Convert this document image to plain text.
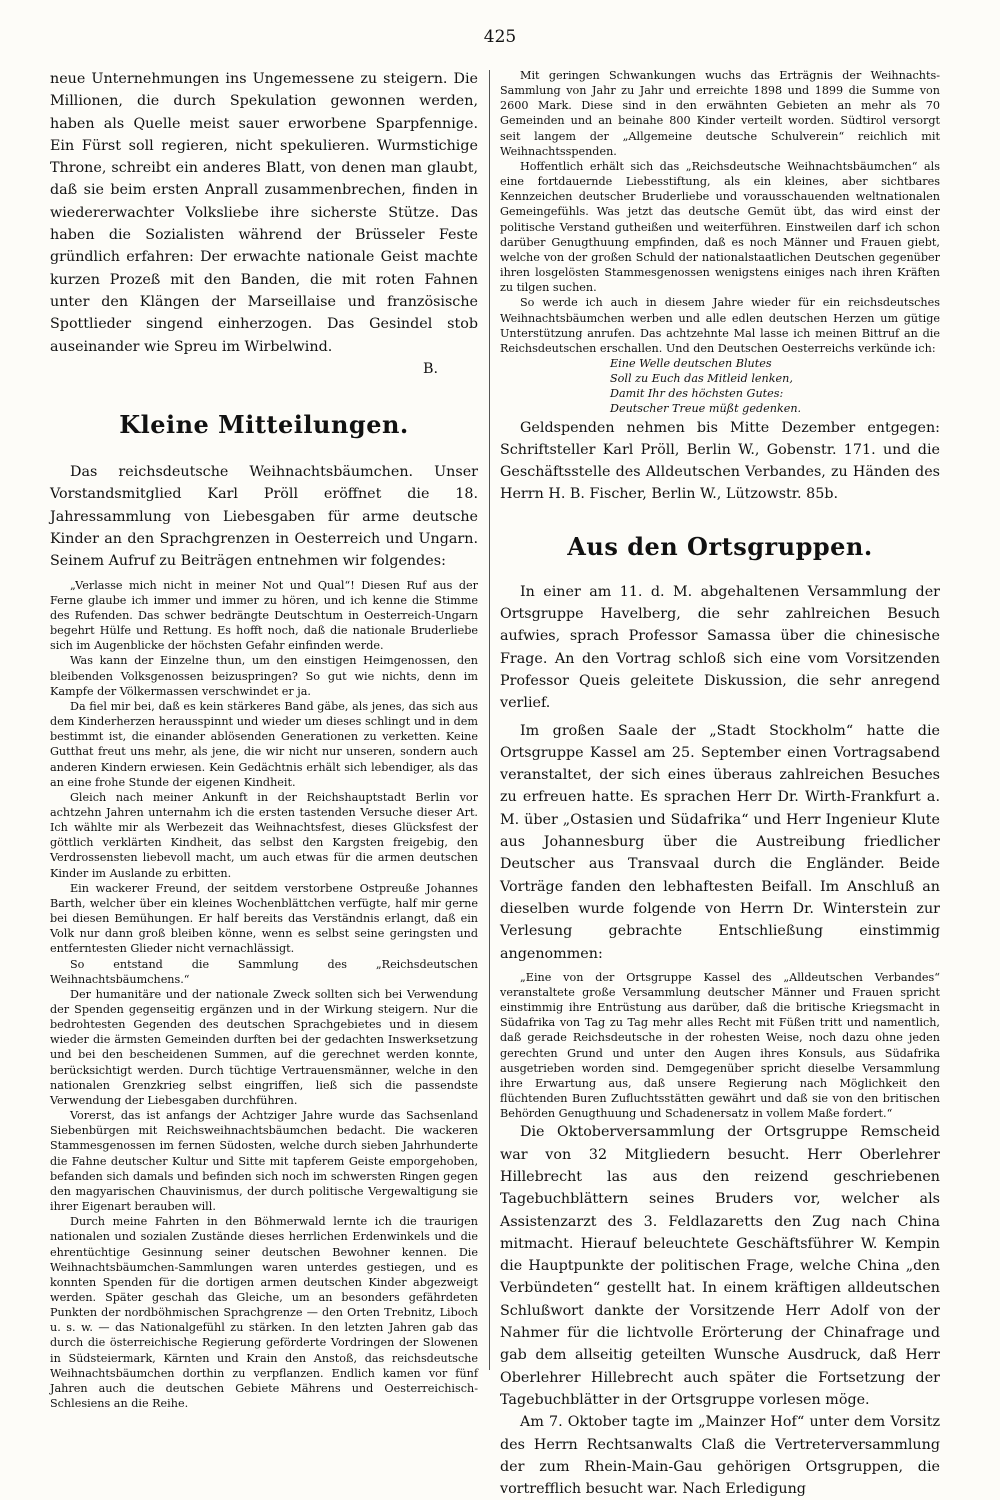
425

neue Unternehmungen ins Ungemessene zu steigern. Die Millionen, die durch Spekulation gewonnen werden, haben als Quelle meist sauer erworbene Sparpfennige. Ein Fürst soll regieren, nicht spekulieren. Wurmstichige Throne, schreibt ein anderes Blatt, von denen man glaubt, daß sie beim ersten Anprall zusammenbrechen, finden in wiedererwachter Volksliebe ihre sicherste Stütze. Das haben die Sozialisten während der Brüsseler Feste gründlich erfahren: Der erwachte nationale Geist machte kurzen Prozeß mit den Banden, die mit roten Fahnen unter den Klängen der Marseillaise und französische Spottlieder singend einherzogen. Das Gesindel stob auseinander wie Spreu im Wirbelwind.

B.

Kleine Mitteilungen.

Das reichsdeutsche Weihnachtsbäumchen. Unser Vorstandsmitglied Karl Pröll eröffnet die 18. Jahressammlung von Liebesgaben für arme deutsche Kinder an den Sprachgrenzen in Oesterreich und Ungarn. Seinem Aufruf zu Beiträgen entnehmen wir folgendes:

„Verlasse mich nicht in meiner Not und Qual“! Diesen Ruf aus der Ferne glaube ich immer und immer zu hören, und ich kenne die Stimme des Rufenden. Das schwer bedrängte Deutschtum in Oesterreich-Ungarn begehrt Hülfe und Rettung. Es hofft noch, daß die nationale Bruderliebe sich im Augenblicke der höchsten Gefahr einfinden werde.

Was kann der Einzelne thun, um den einstigen Heimgenossen, den bleibenden Volksgenossen beizuspringen? So gut wie nichts, denn im Kampfe der Völkermassen verschwindet er ja.

Da fiel mir bei, daß es kein stärkeres Band gäbe, als jenes, das sich aus dem Kinderherzen herausspinnt und wieder um dieses schlingt und in dem bestimmt ist, die einander ablösenden Generationen zu verketten. Keine Gutthat freut uns mehr, als jene, die wir nicht nur unseren, sondern auch anderen Kindern erwiesen. Kein Gedächtnis erhält sich lebendiger, als das an eine frohe Stunde der eigenen Kindheit.

Gleich nach meiner Ankunft in der Reichshauptstadt Berlin vor achtzehn Jahren unternahm ich die ersten tastenden Versuche dieser Art. Ich wählte mir als Werbezeit das Weihnachtsfest, dieses Glücksfest der göttlich verklärten Kindheit, das selbst den Kargsten freigebig, den Verdrossensten liebevoll macht, um auch etwas für die armen deutschen Kinder im Auslande zu erbitten.

Ein wackerer Freund, der seitdem verstorbene Ostpreuße Johannes Barth, welcher über ein kleines Wochenblättchen verfügte, half mir gerne bei diesen Bemühungen. Er half bereits das Verständnis erlangt, daß ein Volk nur dann groß bleiben könne, wenn es selbst seine geringsten und entferntesten Glieder nicht vernachlässigt.

So entstand die Sammlung des „Reichsdeutschen Weihnachtsbäumchens.“

Der humanitäre und der nationale Zweck sollten sich bei Verwendung der Spenden gegenseitig ergänzen und in der Wirkung steigern. Nur die bedrohtesten Gegenden des deutschen Sprachgebietes und in diesem wieder die ärmsten Gemeinden durften bei der gedachten Inswerksetzung und bei den bescheidenen Summen, auf die gerechnet werden konnte, berücksichtigt werden. Durch tüchtige Vertrauensmänner, welche in den nationalen Grenzkrieg selbst eingriffen, ließ sich die passendste Verwendung der Liebesgaben durchführen.

Vorerst, das ist anfangs der Achtziger Jahre wurde das Sachsenland Siebenbürgen mit Reichsweihnachtsbäumchen bedacht. Die wackeren Stammesgenossen im fernen Südosten, welche durch sieben Jahrhunderte die Fahne deutscher Kultur und Sitte mit tapferem Geiste emporgehoben, befanden sich damals und befinden sich noch im schwersten Ringen gegen den magyarischen Chauvinismus, der durch politische Vergewaltigung sie ihrer Eigenart berauben will.

Durch meine Fahrten in den Böhmerwald lernte ich die traurigen nationalen und sozialen Zustände dieses herrlichen Erdenwinkels und die ehrentüchtige Gesinnung seiner deutschen Bewohner kennen. Die Weihnachtsbäumchen-Sammlungen waren unterdes gestiegen, und es konnten Spenden für die dortigen armen deutschen Kinder abgezweigt werden. Später geschah das Gleiche, um an besonders gefährdeten Punkten der nordböhmischen Sprachgrenze — den Orten Trebnitz, Liboch u. s. w. — das Nationalgefühl zu stärken. In den letzten Jahren gab das durch die österreichische Regierung geförderte Vordringen der Slowenen in Südsteiermark, Kärnten und Krain den Anstoß, das reichsdeutsche Weihnachtsbäumchen dorthin zu verpflanzen. Endlich kamen vor fünf Jahren auch die deutschen Gebiete Mährens und Oesterreichisch-Schlesiens an die Reihe.

Mit geringen Schwankungen wuchs das Erträgnis der Weihnachts-Sammlung von Jahr zu Jahr und erreichte 1898 und 1899 die Summe von 2600 Mark. Diese sind in den erwähnten Gebieten an mehr als 70 Gemeinden und an beinahe 800 Kinder verteilt worden. Südtirol versorgt seit langem der „Allgemeine deutsche Schulverein“ reichlich mit Weihnachtsspenden.

Hoffentlich erhält sich das „Reichsdeutsche Weihnachtsbäumchen“ als eine fortdauernde Liebesstiftung, als ein kleines, aber sichtbares Kennzeichen deutscher Bruderliebe und vorausschauenden weltnationalen Gemeingefühls. Was jetzt das deutsche Gemüt übt, das wird einst der politische Verstand gutheißen und weiterführen. Einstweilen darf ich schon darüber Genugthuung empfinden, daß es noch Männer und Frauen giebt, welche von der großen Schuld der nationalstaatlichen Deutschen gegenüber ihren losgelösten Stammesgenossen wenigstens einiges nach ihren Kräften zu tilgen suchen.

So werde ich auch in diesem Jahre wieder für ein reichsdeutsches Weihnachtsbäumchen werben und alle edlen deutschen Herzen um gütige Unterstützung anrufen. Das achtzehnte Mal lasse ich meinen Bittruf an die Reichsdeutschen erschallen. Und den Deutschen Oesterreichs verkünde ich:

Eine Welle deutschen Blutes
Soll zu Euch das Mitleid lenken,
Damit Ihr des höchsten Gutes:
Deutscher Treue müßt gedenken.

Geldspenden nehmen bis Mitte Dezember entgegen: Schriftsteller Karl Pröll, Berlin W., Gobenstr. 171. und die Geschäftsstelle des Alldeutschen Verbandes, zu Händen des Herrn H. B. Fischer, Berlin W., Lützowstr. 85b.

Aus den Ortsgruppen.

In einer am 11. d. M. abgehaltenen Versammlung der Ortsgruppe Havelberg, die sehr zahlreichen Besuch aufwies, sprach Professor Samassa über die chinesische Frage. An den Vortrag schloß sich eine vom Vorsitzenden Professor Queis geleitete Diskussion, die sehr anregend verlief.

Im großen Saale der „Stadt Stockholm“ hatte die Ortsgruppe Kassel am 25. September einen Vortragsabend veranstaltet, der sich eines überaus zahlreichen Besuches zu erfreuen hatte. Es sprachen Herr Dr. Wirth-Frankfurt a. M. über „Ostasien und Südafrika“ und Herr Ingenieur Klute aus Johannesburg über die Austreibung friedlicher Deutscher aus Transvaal durch die Engländer. Beide Vorträge fanden den lebhaftesten Beifall. Im Anschluß an dieselben wurde folgende von Herrn Dr. Winterstein zur Verlesung gebrachte Entschließung einstimmig angenommen:

„Eine von der Ortsgruppe Kassel des „Alldeutschen Verbandes“ veranstaltete große Versammlung deutscher Männer und Frauen spricht einstimmig ihre Entrüstung aus darüber, daß die britische Kriegsmacht in Südafrika von Tag zu Tag mehr alles Recht mit Füßen tritt und namentlich, daß gerade Reichsdeutsche in der rohesten Weise, noch dazu ohne jeden gerechten Grund und unter den Augen ihres Konsuls, aus Südafrika ausgetrieben worden sind. Demgegenüber spricht dieselbe Versammlung ihre Erwartung aus, daß unsere Regierung nach Möglichkeit den flüchtenden Buren Zufluchtsstätten gewährt und daß sie von den britischen Behörden Genugthuung und Schadenersatz in vollem Maße fordert.“

Die Oktoberversammlung der Ortsgruppe Remscheid war von 32 Mitgliedern besucht. Herr Oberlehrer Hillebrecht las aus den reizend geschriebenen Tagebuchblättern seines Bruders vor, welcher als Assistenzarzt des 3. Feldlazaretts den Zug nach China mitmacht. Hierauf beleuchtete Geschäftsführer W. Kempin die Hauptpunkte der politischen Frage, welche China „den Verbündeten“ gestellt hat. In einem kräftigen alldeutschen Schlußwort dankte der Vorsitzende Herr Adolf von der Nahmer für die lichtvolle Erörterung der Chinafrage und gab dem allseitig geteilten Wunsche Ausdruck, daß Herr Oberlehrer Hillebrecht auch später die Fortsetzung der Tagebuchblätter in der Ortsgruppe vorlesen möge.

Am 7. Oktober tagte im „Mainzer Hof“ unter dem Vorsitz des Herrn Rechtsanwalts Claß die Vertreterversammlung der zum Rhein-Main-Gau gehörigen Ortsgruppen, die vortrefflich besucht war. Nach Erledigung
